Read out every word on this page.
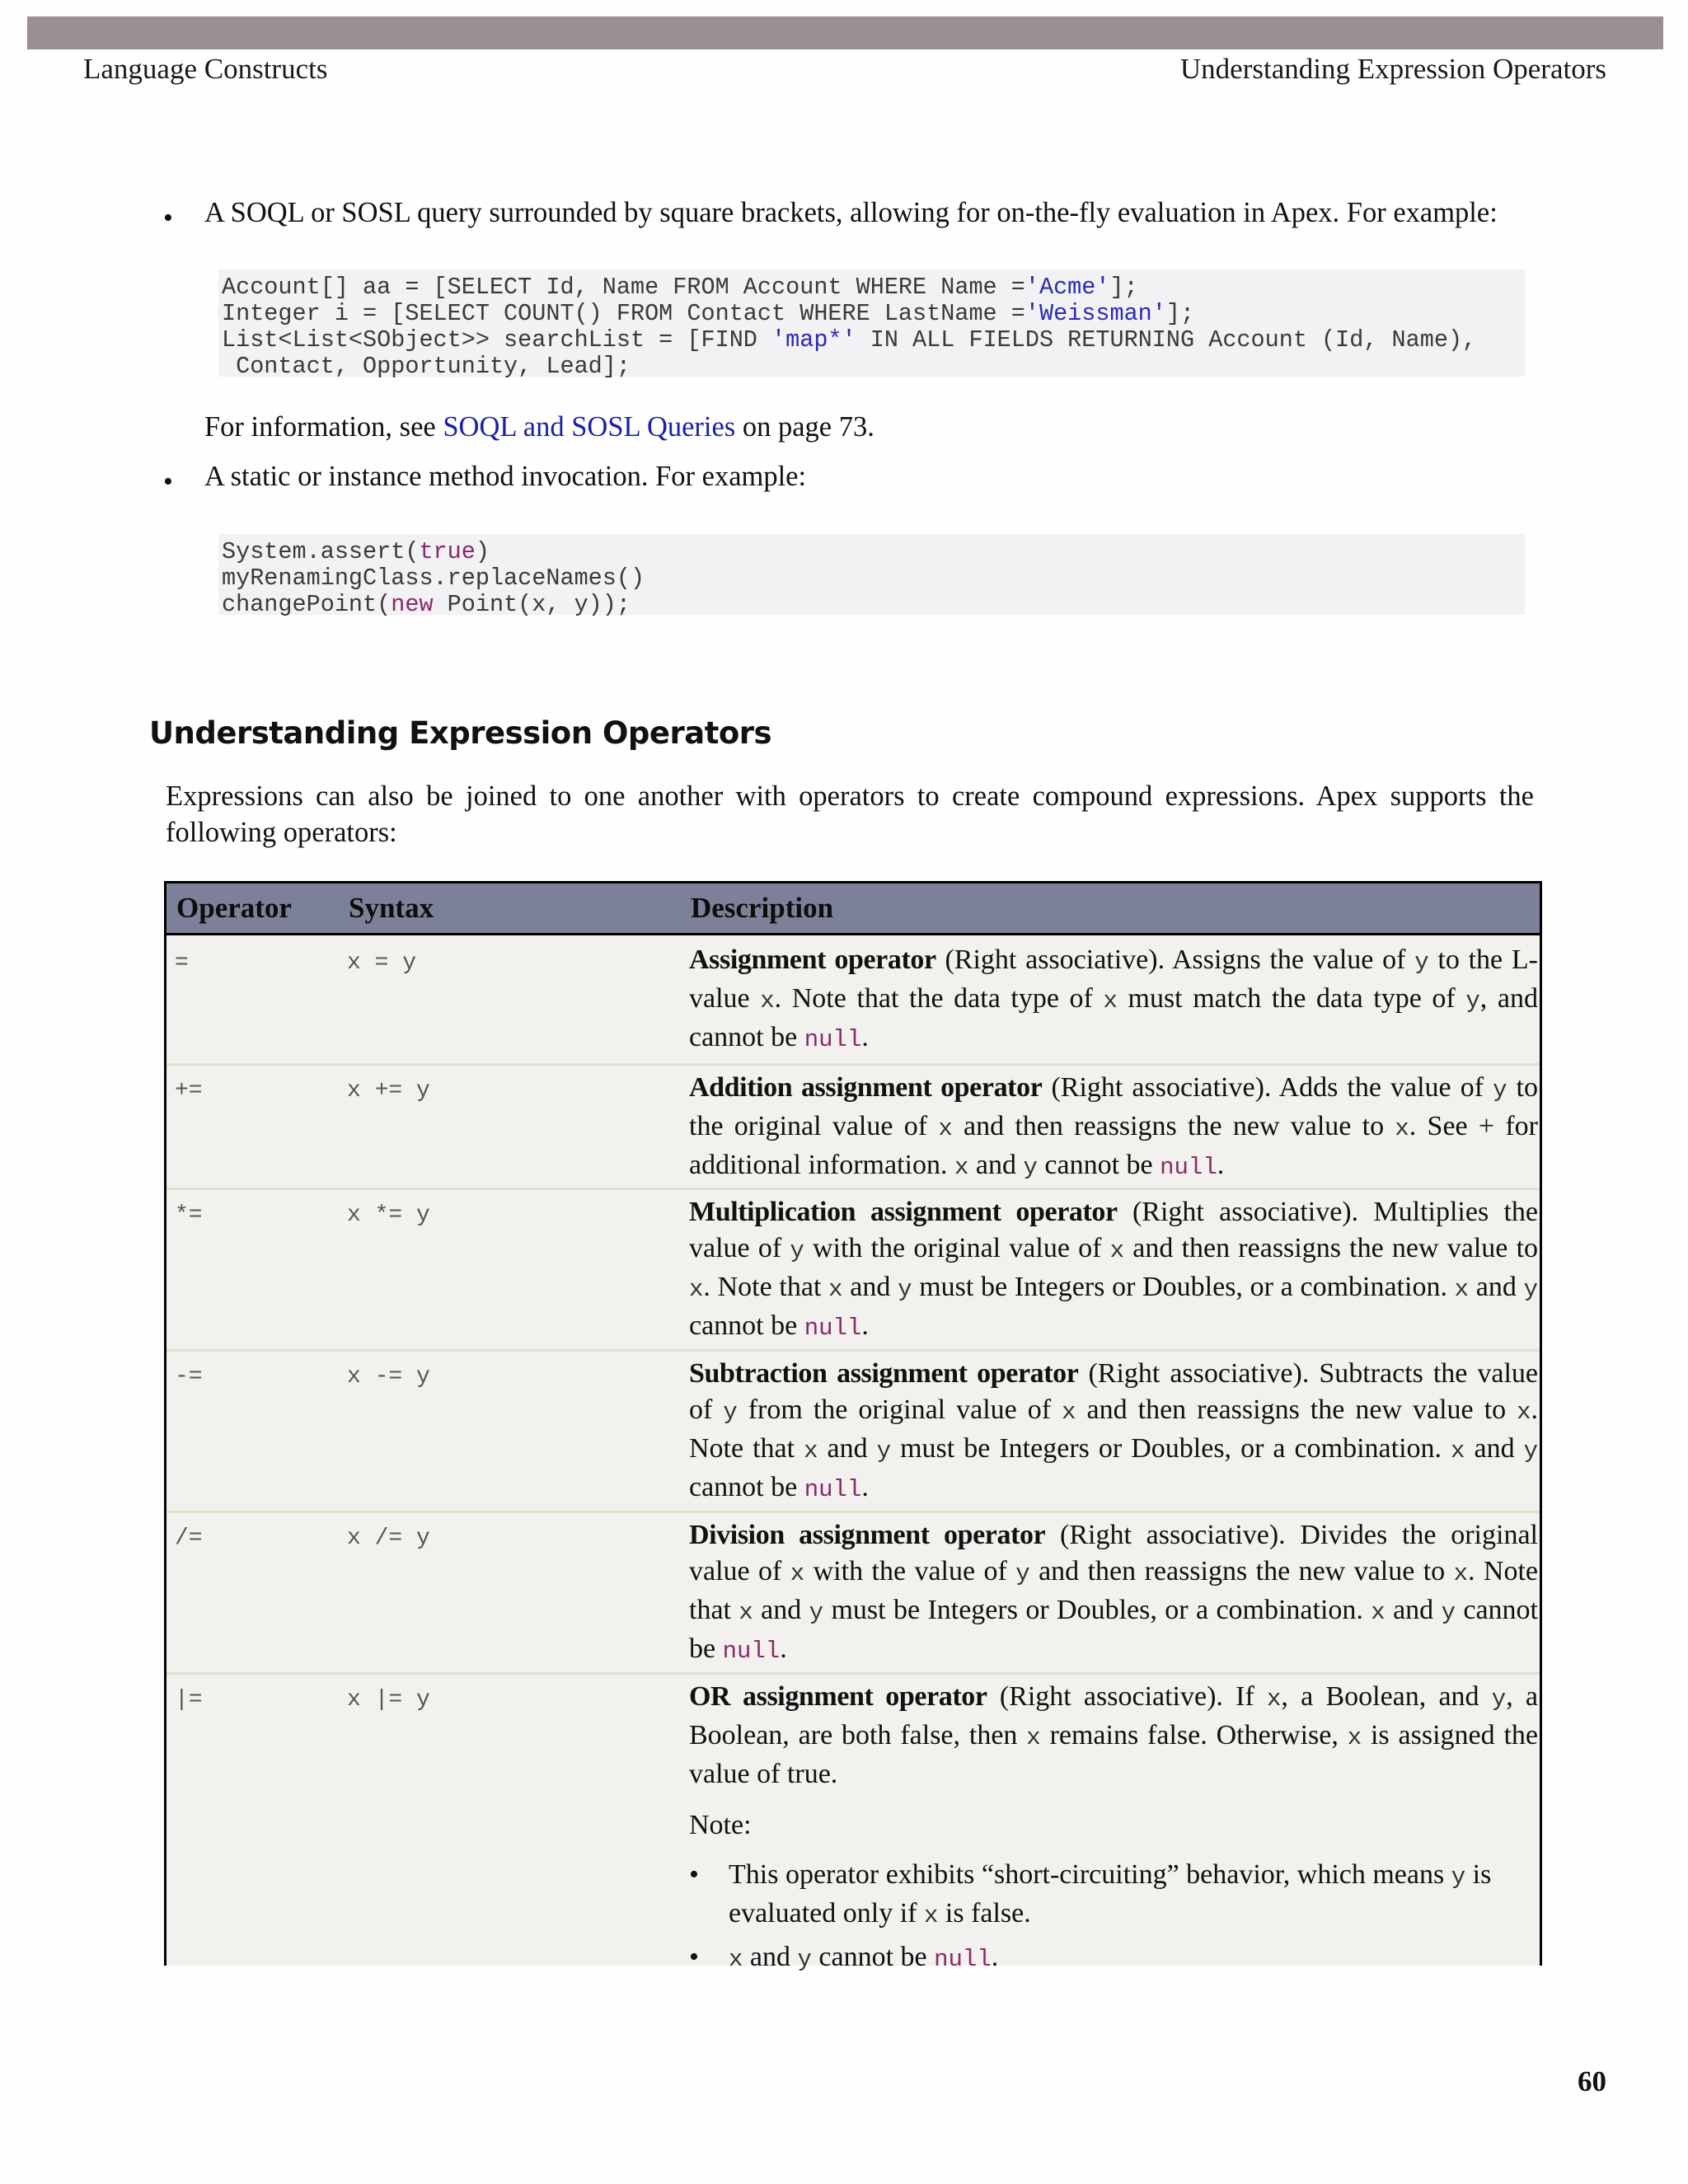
Language Constructs	Understanding Expression Operators
• A SOQL or SOSL query surrounded by square brackets, allowing for on-the-fly evaluation in Apex. For example:
Account[] aa = [SELECT Id, Name FROM Account WHERE Name ='Acme'];
Integer i = [SELECT COUNT() FROM Contact WHERE LastName ='Weissman'];
List<List<SObject>> searchList = [FIND 'map*' IN ALL FIELDS RETURNING Account (Id, Name),
Contact, Opportunity, Lead];
For information, see SOQL and SOSL Queries on page 73.
• A static or instance method invocation. For example:
System.assert(true)
myRenamingClass.replaceNames()
changePoint(new Point(x, y));
Understanding Expression Operators
Expressions can also be joined to one another with operators to create compound expressions. Apex supports the following operators:
Operator Syntax	Description
=	x = y	Assignment operator (Right associative). Assigns the value of y to the L-value x. Note that the data type of x must match the data type of y, and cannot be null.
+=	x += y	Addition assignment operator (Right associative). Adds the value of y to the original value of x and then reassigns the new value to x. See + for additional information. x and y cannot be null.
*=	x *= y	Multiplication assignment operator (Right associative). Multiplies the value of y with the original value of x and then reassigns the new value to x. Note that x and y must be Integers or Doubles, or a combination. x and y cannot be null.
-=	x -= y	Subtraction assignment operator (Right associative). Subtracts the value of y from the original value of x and then reassigns the new value to x. Note that x and y must be Integers or Doubles, or a combination. x and y cannot be null.
/=	x /= y	Division assignment operator (Right associative). Divides the original value of x with the value of y and then reassigns the new value to x. Note that x and y must be Integers or Doubles, or a combination. x and y cannot be null.
|=	x |= y	OR assignment operator (Right associative). If x, a Boolean, and y, a Boolean, are both false, then x remains false. Otherwise, x is assigned the value of true.
Note:
• This operator exhibits “short-circuiting” behavior, which means y is evaluated only if x is false.
• x and y cannot be null.
60
